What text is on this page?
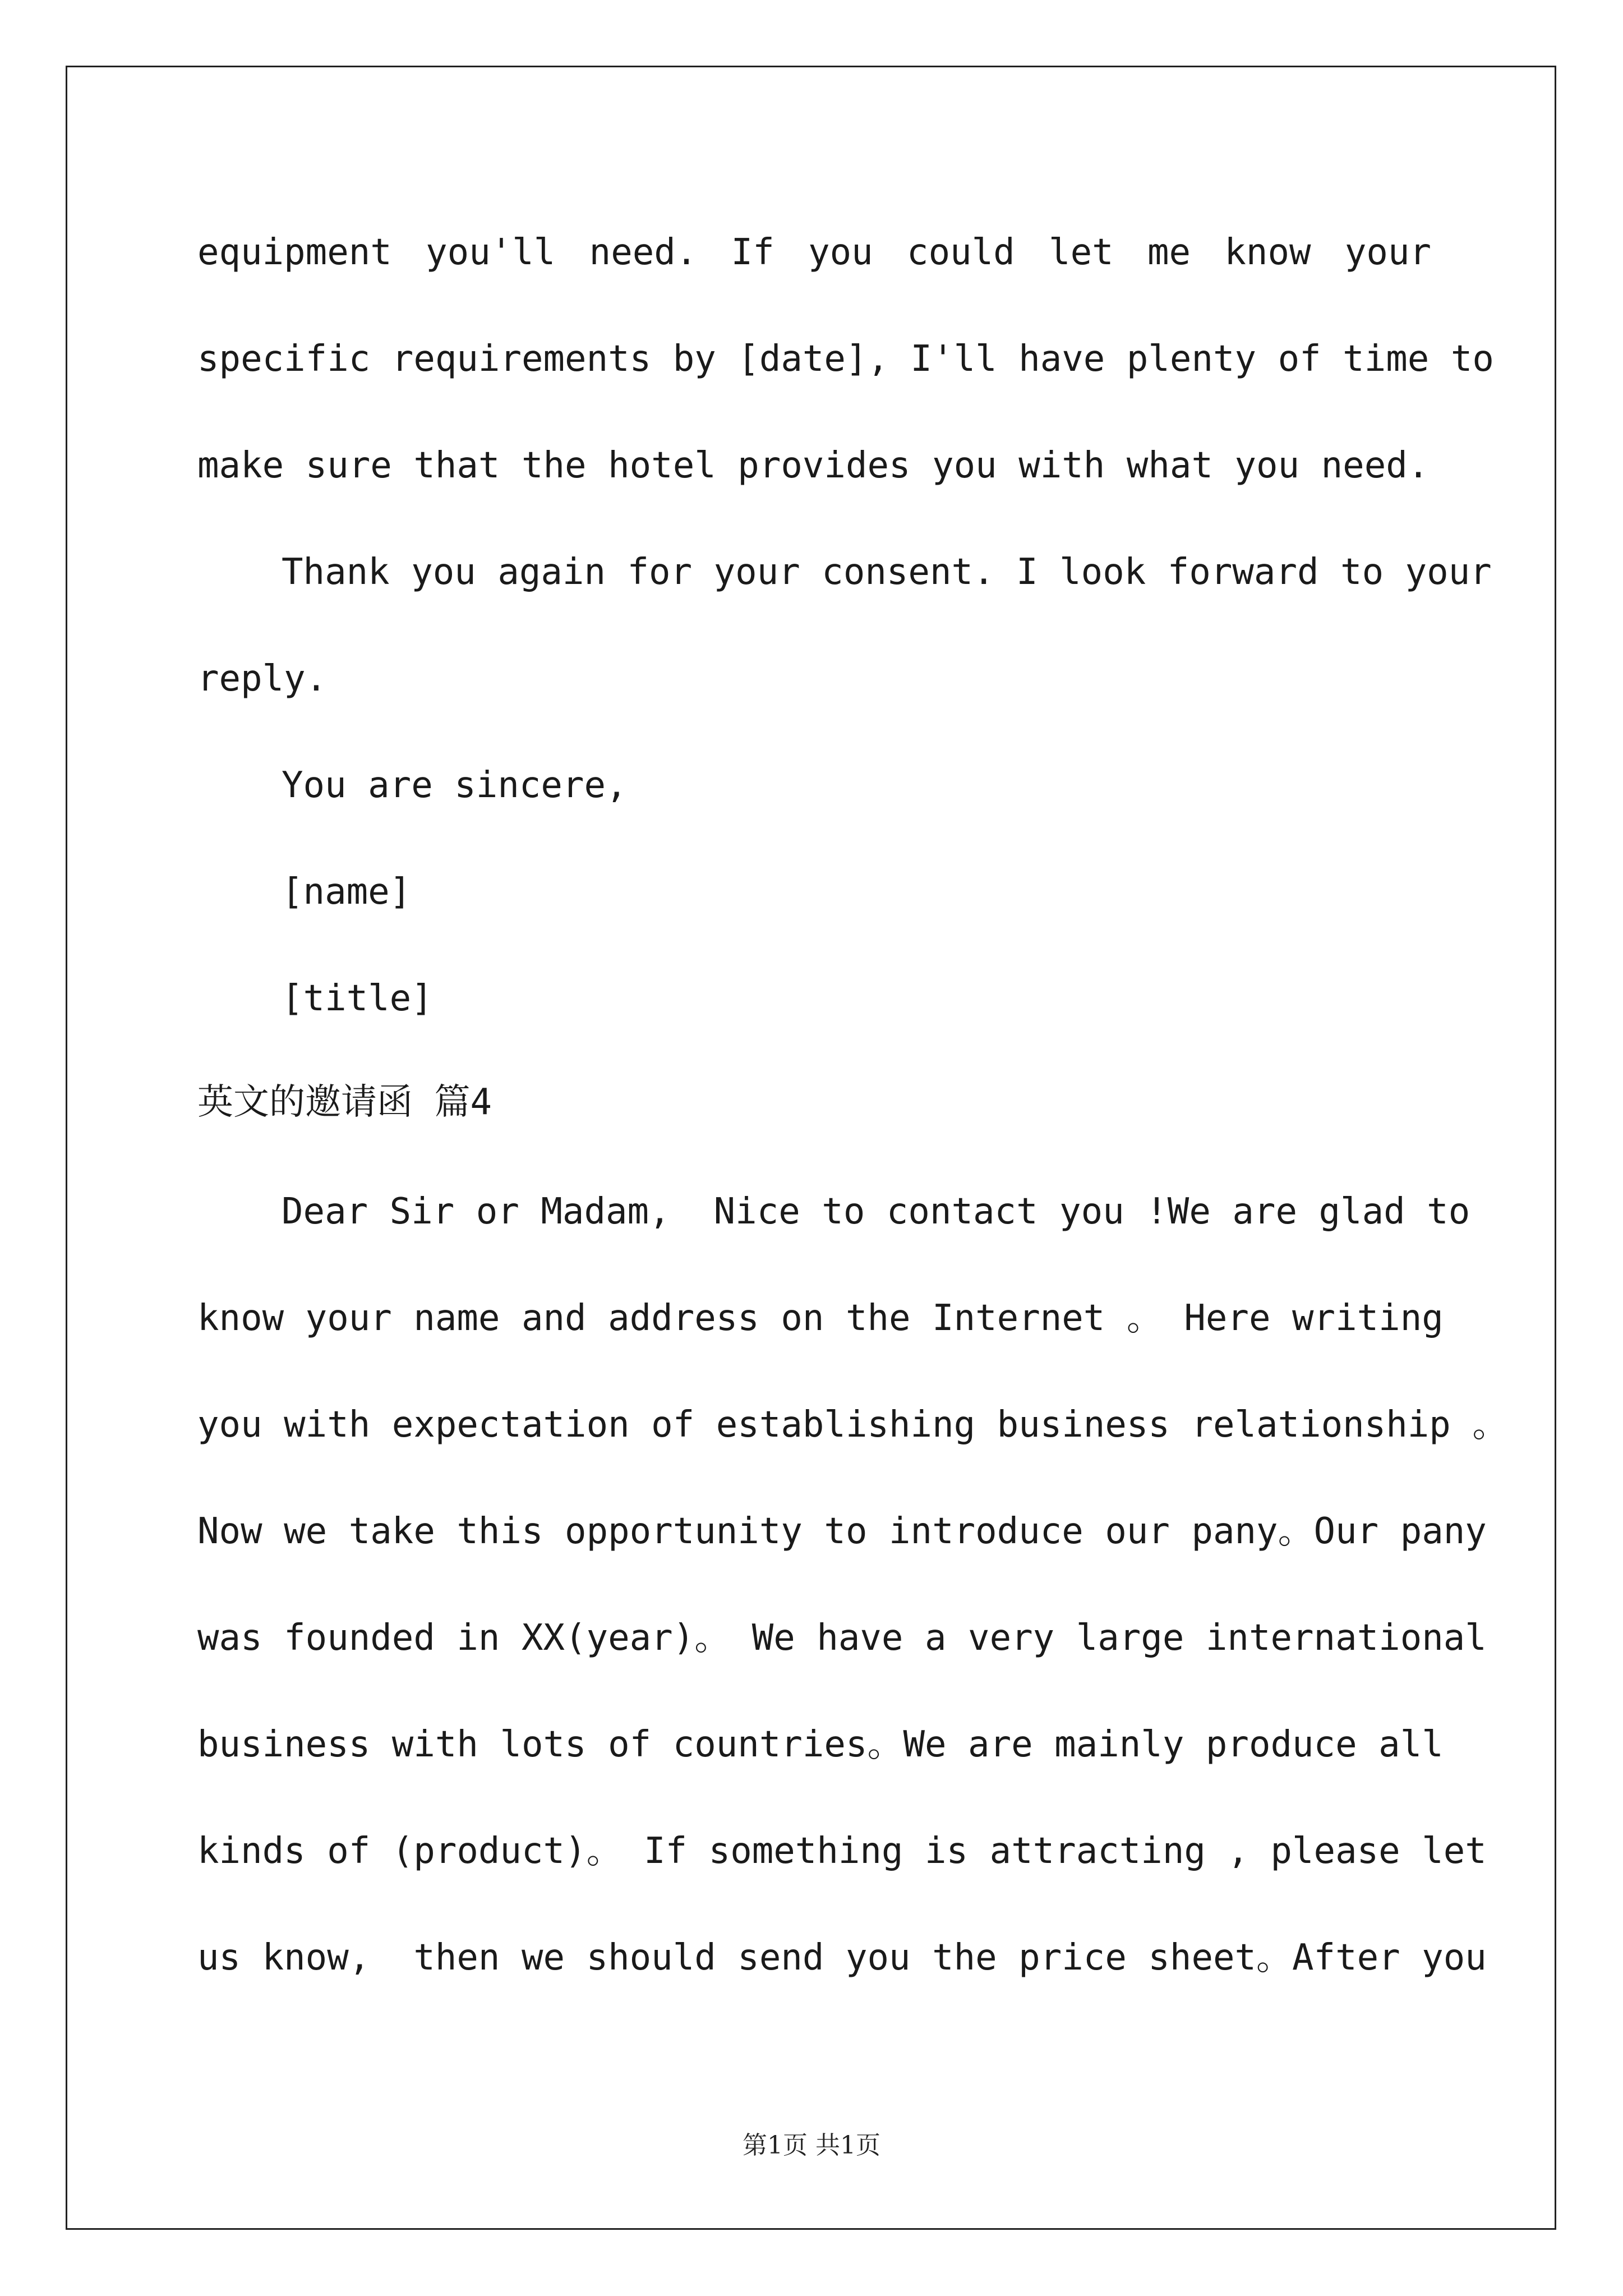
equipment you'll need. If you could let me know your
specific requirements by [date], I'll have plenty of time to
make sure that the hotel provides you with what you need.
Thank you again for your consent. I look forward to your
reply.
You are sincere,
[name]
[title]
英文的邀请函 篇4
Dear Sir or Madam,  Nice to contact you !We are glad to
know your name and address on the Internet 。 Here writing
you with expectation of establishing business relationship 。
Now we take this opportunity to introduce our pany。Our pany
was founded in XX(year)。 We have a very large international
business with lots of countries。We are mainly produce all
kinds of (product)。 If something is attracting , please let
us know,  then we should send you the price sheet。After you
第1页 共1页
